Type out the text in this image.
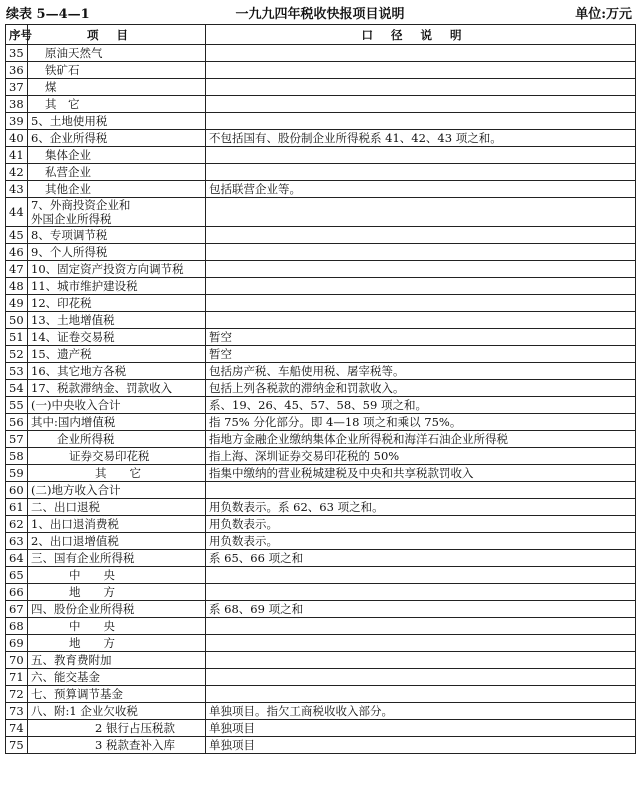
续表 5—4—1	一九九四年税收快报项目说明	单位:万元
序号	项目	口径说明
35	原油天然气	

36	铁矿石	

37	煤	

38	其　它	

39	5、土地使用税	

40	6、企业所得税	不包括国有、股份制企业所得税系 41、42、43 项之和。
41	集体企业	

42	私营企业	

43	其他企业	包括联营企业等。
44	7、外商投资企业和
外国企业所得税	

45	8、专项调节税	

46	9、个人所得税	

47	10、固定资产投资方向调节税	

48	11、城市维护建设税	

49	12、印花税	

50	13、土地增值税	

51	14、证卷交易税	暂空
52	15、遗产税	暂空
53	16、其它地方各税	包括房产税、车船使用税、屠宰税等。
54	17、税款滞纳金、罚款收入	包括上列各税款的滞纳金和罚款收入。
55	(一)中央收入合计	系、19、26、45、57、58、59 项之和。
56	其中:国内增值税	指 75% 分化部分。即 4—18 项之和乘以 75%。
57	企业所得税	指地方金融企业缴纳集体企业所得税和海洋石油企业所得税
58	证券交易印花税	指上海、深圳证券交易印花税的 50%
59	其　　它	指集中缴纳的营业税城建税及中央和共享税款罚收入
60	(二)地方收入合计	

61	二、出口退税	用负数表示。系 62、63 项之和。
62	1、出口退消费税	用负数表示。
63	2、出口退增值税	用负数表示。
64	三、国有企业所得税	系 65、66 项之和
65	中　　央	

66	地　　方	

67	四、股份企业所得税	系 68、69 项之和
68	中　　央	

69	地　　方	

70	五、教育费附加	

71	六、能交基金	

72	七、预算调节基金	

73	八、附:1 企业欠收税	单独项目。指欠工商税收收入部分。
74	2 银行占压税款	单独项目
75	3 税款查补入库	单独项目
